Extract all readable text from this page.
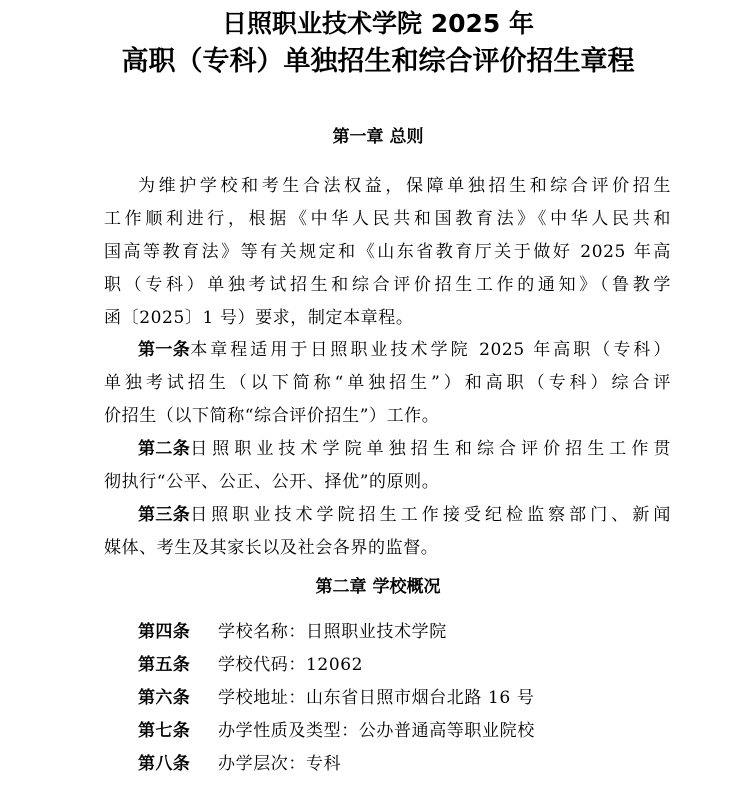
日照职业技术学院 2025 年
高职（专科）单独招生和综合评价招生章程
第一章 总则
为维护学校和考生合法权益，保障单独招生和综合评价招生
工作顺利进行，根据《中华人民共和国教育法》《中华人民共和
国高等教育法》等有关规定和《山东省教育厅关于做好 2025 年高
职（专科）单独考试招生和综合评价招生工作的通知》（鲁教学
函〔2025〕1 号）要求，制定本章程。
第一条 本章程适用于日照职业技术学院 2025 年高职（专科）
单独考试招生（以下简称“单独招生”）和高职（专科）综合评
价招生（以下简称“综合评价招生”）工作。
第二条 日照职业技术学院单独招生和综合评价招生工作贯
彻执行“公平、公正、公开、择优”的原则。
第三条 日照职业技术学院招生工作接受纪检监察部门、新闻
媒体、考生及其家长以及社会各界的监督。
第二章 学校概况
第四条 学校名称：日照职业技术学院
第五条 学校代码：12062
第六条 学校地址：山东省日照市烟台北路 16 号
第七条 办学性质及类型：公办普通高等职业院校
第八条 办学层次：专科
